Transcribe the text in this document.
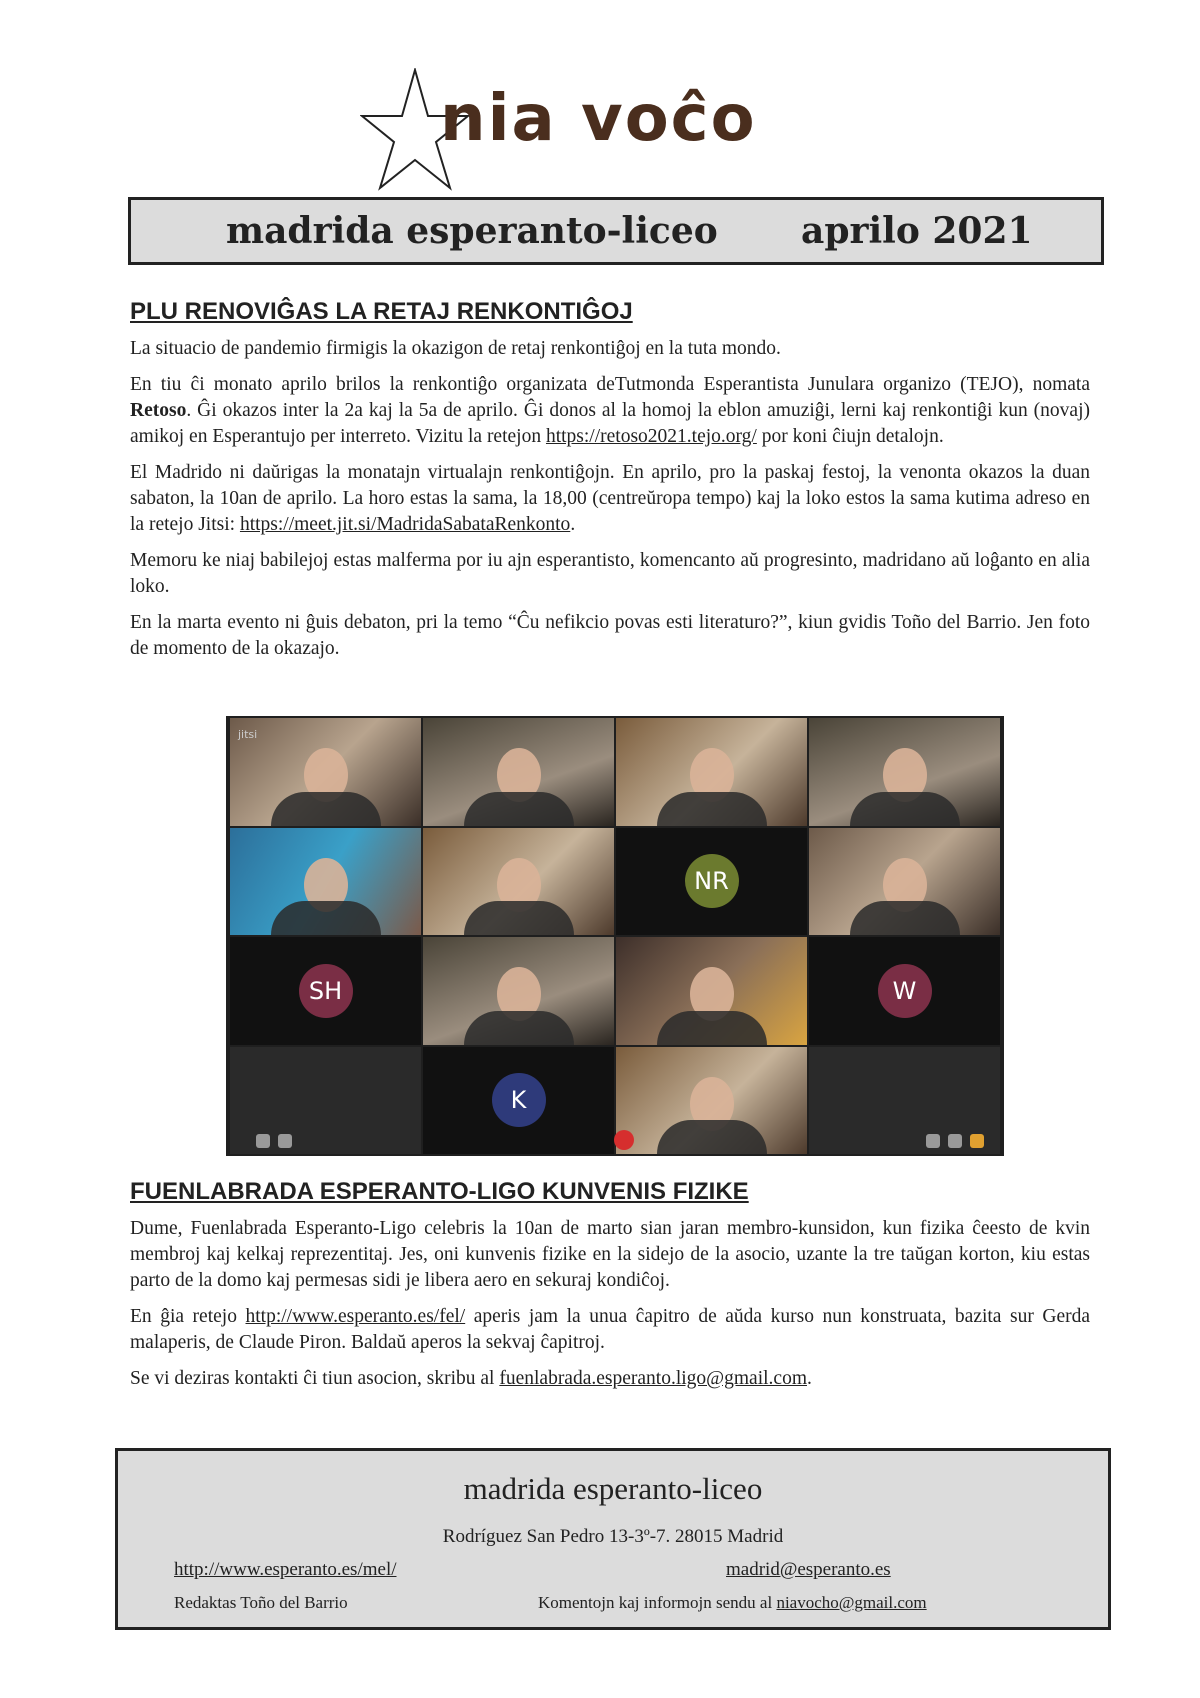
nia voĉo
madrida esperanto-liceo aprilo 2021
PLU RENOVIĜAS LA RETAJ RENKONTIĜOJ

La situacio de pandemio firmigis la okazigon de retaj renkontiĝoj en la tuta mondo.

En tiu ĉi monato aprilo brilos la renkontiĝo organizata deTutmonda Esperantista Junulara organizo (TEJO), nomata Retoso. Ĝi okazos inter la 2a kaj la 5a de aprilo. Ĝi donos al la homoj la eblon amuziĝi, lerni kaj renkontiĝi kun (novaj) amikoj en Esperantujo per interreto. Vizitu la retejon https://retoso2021.tejo.org/ por koni ĉiujn detalojn.

El Madrido ni daŭrigas la monatajn virtualajn renkontiĝojn. En aprilo, pro la paskaj festoj, la venonta okazos la duan sabaton, la 10an de aprilo. La horo estas la sama, la 18,00 (centreŭropa tempo) kaj la loko estos la sama kutima adreso en la retejo Jitsi: https://meet.jit.si/MadridaSabataRenkonto.

Memoru ke niaj babilejoj estas malferma por iu ajn esperantisto, komencanto aŭ progresinto, madridano aŭ loĝanto en alia loko.

En la marta evento ni ĝuis debaton, pri la temo “Ĉu nefikcio povas esti literaturo?”, kiun gvidis Toño del Barrio. Jen foto de momento de la okazajo.

jitsi
NR
SH	W
K
FUENLABRADA ESPERANTO-LIGO KUNVENIS FIZIKE

Dume, Fuenlabrada Esperanto-Ligo celebris la 10an de marto sian jaran membro-kunsidon, kun fizika ĉeesto de kvin membroj kaj kelkaj reprezentitaj. Jes, oni kunvenis fizike en la sidejo de la asocio, uzante la tre taŭgan korton, kiu estas parto de la domo kaj permesas sidi je libera aero en sekuraj kondiĉoj.

En ĝia retejo http://www.esperanto.es/fel/ aperis jam la unua ĉapitro de aŭda kurso nun konstruata, bazita sur Gerda malaperis, de Claude Piron. Baldaŭ aperos la sekvaj ĉapitroj.

Se vi deziras kontakti ĉi tiun asocion, skribu al fuenlabrada.esperanto.ligo@gmail.com.

madrida esperanto-liceo
Rodríguez San Pedro 13-3º-7. 28015 Madrid
http://www.esperanto.es/mel/	madrid@esperanto.es
Redaktas Toño del Barrio	Komentojn kaj informojn sendu al niavocho@gmail.com
